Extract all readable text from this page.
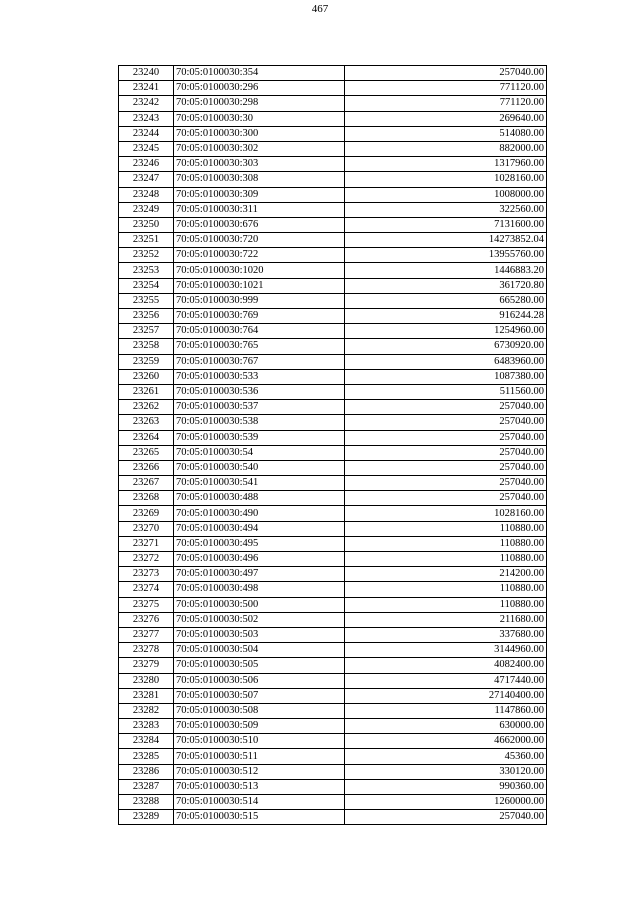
467
23240	70:05:0100030:354	257040.00
23241	70:05:0100030:296	771120.00
23242	70:05:0100030:298	771120.00
23243	70:05:0100030:30	269640.00
23244	70:05:0100030:300	514080.00
23245	70:05:0100030:302	882000.00
23246	70:05:0100030:303	1317960.00
23247	70:05:0100030:308	1028160.00
23248	70:05:0100030:309	1008000.00
23249	70:05:0100030:311	322560.00
23250	70:05:0100030:676	7131600.00
23251	70:05:0100030:720	14273852.04
23252	70:05:0100030:722	13955760.00
23253	70:05:0100030:1020	1446883.20
23254	70:05:0100030:1021	361720.80
23255	70:05:0100030:999	665280.00
23256	70:05:0100030:769	916244.28
23257	70:05:0100030:764	1254960.00
23258	70:05:0100030:765	6730920.00
23259	70:05:0100030:767	6483960.00
23260	70:05:0100030:533	1087380.00
23261	70:05:0100030:536	511560.00
23262	70:05:0100030:537	257040.00
23263	70:05:0100030:538	257040.00
23264	70:05:0100030:539	257040.00
23265	70:05:0100030:54	257040.00
23266	70:05:0100030:540	257040.00
23267	70:05:0100030:541	257040.00
23268	70:05:0100030:488	257040.00
23269	70:05:0100030:490	1028160.00
23270	70:05:0100030:494	110880.00
23271	70:05:0100030:495	110880.00
23272	70:05:0100030:496	110880.00
23273	70:05:0100030:497	214200.00
23274	70:05:0100030:498	110880.00
23275	70:05:0100030:500	110880.00
23276	70:05:0100030:502	211680.00
23277	70:05:0100030:503	337680.00
23278	70:05:0100030:504	3144960.00
23279	70:05:0100030:505	4082400.00
23280	70:05:0100030:506	4717440.00
23281	70:05:0100030:507	27140400.00
23282	70:05:0100030:508	1147860.00
23283	70:05:0100030:509	630000.00
23284	70:05:0100030:510	4662000.00
23285	70:05:0100030:511	45360.00
23286	70:05:0100030:512	330120.00
23287	70:05:0100030:513	990360.00
23288	70:05:0100030:514	1260000.00
23289	70:05:0100030:515	257040.00
